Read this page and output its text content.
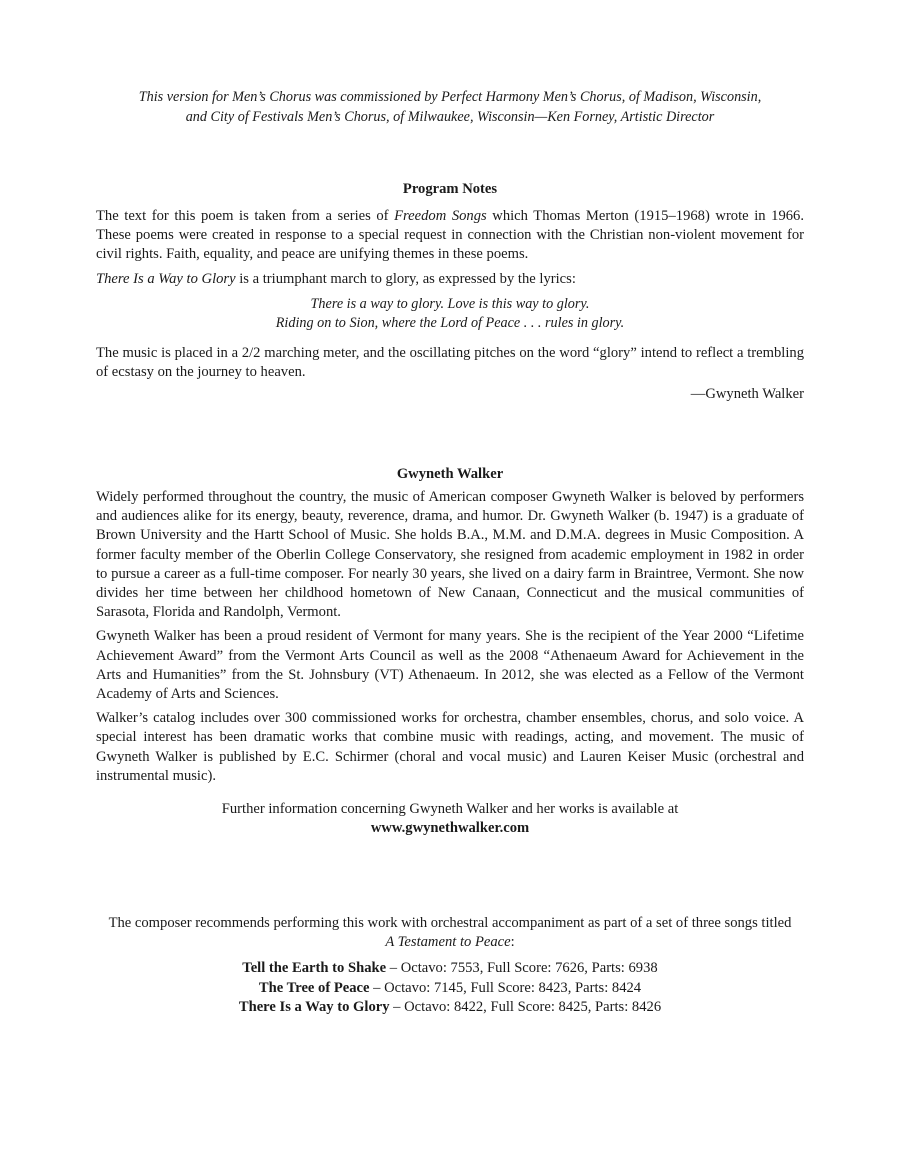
This version for Men’s Chorus was commissioned by Perfect Harmony Men’s Chorus, of Madison, Wisconsin,

and City of Festivals Men’s Chorus, of Milwaukee, Wisconsin—Ken Forney, Artistic Director

Program Notes

The text for this poem is taken from a series of Freedom Songs which Thomas Merton (1915–1968) wrote in 1966. These poems were created in response to a special request in connection with the Christian non-violent movement for civil rights. Faith, equality, and peace are unifying themes in these poems.

There Is a Way to Glory is a triumphant march to glory, as expressed by the lyrics:

There is a way to glory. Love is this way to glory.

Riding on to Sion, where the Lord of Peace . . . rules in glory.

The music is placed in a 2/2 marching meter, and the oscillating pitches on the word “glory” intend to reflect a trembling of ecstasy on the journey to heaven.

—Gwyneth Walker

Gwyneth Walker

Widely performed throughout the country, the music of American composer Gwyneth Walker is beloved by performers and audiences alike for its energy, beauty, reverence, drama, and humor. Dr. Gwyneth Walker (b. 1947) is a graduate of Brown University and the Hartt School of Music. She holds B.A., M.M. and D.M.A. degrees in Music Composition. A former faculty member of the Oberlin College Conservatory, she resigned from academic employment in 1982 in order to pursue a career as a full-time composer. For nearly 30 years, she lived on a dairy farm in Braintree, Vermont. She now divides her time between her childhood hometown of New Canaan, Connecticut and the musical communities of Sarasota, Florida and Randolph, Vermont.

Gwyneth Walker has been a proud resident of Vermont for many years. She is the recipient of the Year 2000 “Lifetime Achievement Award” from the Vermont Arts Council as well as the 2008 “Athenaeum Award for Achievement in the Arts and Humanities” from the St. Johnsbury (VT) Athenaeum. In 2012, she was elected as a Fellow of the Vermont Academy of Arts and Sciences.

Walker’s catalog includes over 300 commissioned works for orchestra, chamber ensembles, chorus, and solo voice. A special interest has been dramatic works that combine music with readings, acting, and movement. The music of Gwyneth Walker is published by E.C. Schirmer (choral and vocal music) and Lauren Keiser Music (orchestral and instrumental music).

Further information concerning Gwyneth Walker and her works is available at

www.gwynethwalker.com

The composer recommends performing this work with orchestral accompaniment as part of a set of three songs titled

A Testament to Peace:

Tell the Earth to Shake – Octavo: 7553, Full Score: 7626, Parts: 6938

The Tree of Peace – Octavo: 7145, Full Score: 8423, Parts: 8424

There Is a Way to Glory – Octavo: 8422, Full Score: 8425, Parts: 8426
